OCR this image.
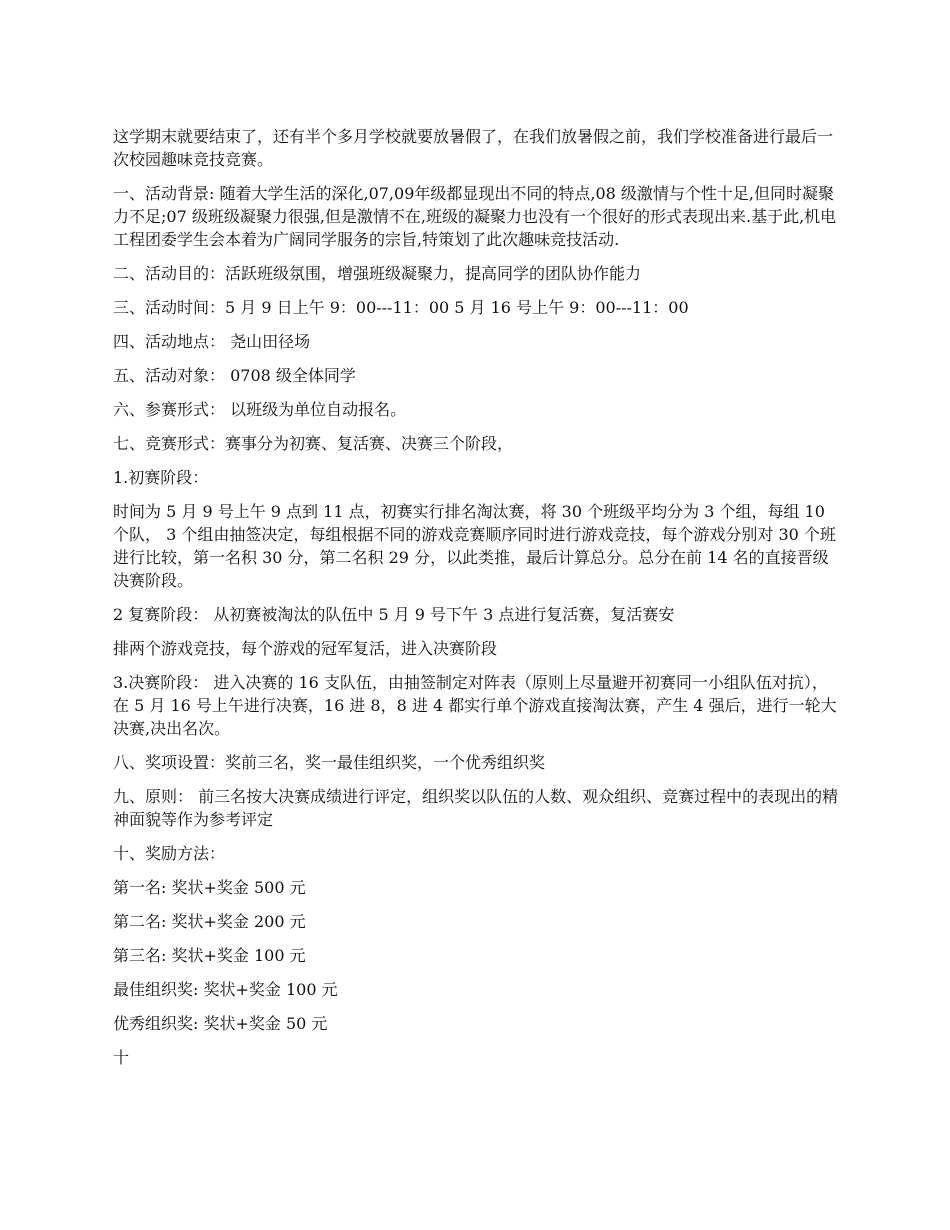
这学期末就要结束了，还有半个多月学校就要放暑假了，在我们放暑假之前，我们学校准备进行最后一次校园趣味竞技竞赛。

一、活动背景: 随着大学生活的深化,07,09年级都显现出不同的特点,08 级激情与个性十足,但同时凝聚力不足;07 级班级凝聚力很强,但是激情不在,班级的凝聚力也没有一个很好的形式表现出来.基于此,机电工程团委学生会本着为广阔同学服务的宗旨,特策划了此次趣味竞技活动.

二、活动目的：活跃班级氛围，增强班级凝聚力，提高同学的团队协作能力

三、活动时间：5 月 9 日上午 9：00---11：00 5 月 16 号上午 9：00---11：00

四、活动地点： 尧山田径场

五、活动对象： 0708 级全体同学

六、参赛形式： 以班级为单位自动报名。

七、竞赛形式：赛事分为初赛、复活赛、决赛三个阶段，

1.初赛阶段：

时间为 5 月 9 号上午 9 点到 11 点，初赛实行排名淘汰赛，将 30 个班级平均分为 3 个组，每组 10 个队， 3 个组由抽签决定，每组根据不同的游戏竞赛顺序同时进行游戏竞技，每个游戏分别对 30 个班进行比较，第一名积 30 分，第二名积 29 分，以此类推，最后计算总分。总分在前 14 名的直接晋级决赛阶段。

2 复赛阶段： 从初赛被淘汰的队伍中 5 月 9 号下午 3 点进行复活赛，复活赛安

排两个游戏竞技，每个游戏的冠军复活，进入决赛阶段

3.决赛阶段： 进入决赛的 16 支队伍，由抽签制定对阵表（原则上尽量避开初赛同一小组队伍对抗）， 在 5 月 16 号上午进行决赛，16 进 8，8 进 4 都实行单个游戏直接淘汰赛，产生 4 强后，进行一轮大决赛,决出名次。

八、奖项设置：奖前三名，奖一最佳组织奖，一个优秀组织奖

九、原则： 前三名按大决赛成绩进行评定，组织奖以队伍的人数、观众组织、竞赛过程中的表现出的精神面貌等作为参考评定

十、奖励方法：

第一名: 奖状+奖金 500 元

第二名: 奖状+奖金 200 元

第三名: 奖状+奖金 100 元

最佳组织奖: 奖状+奖金 100 元

优秀组织奖: 奖状+奖金 50 元

十
